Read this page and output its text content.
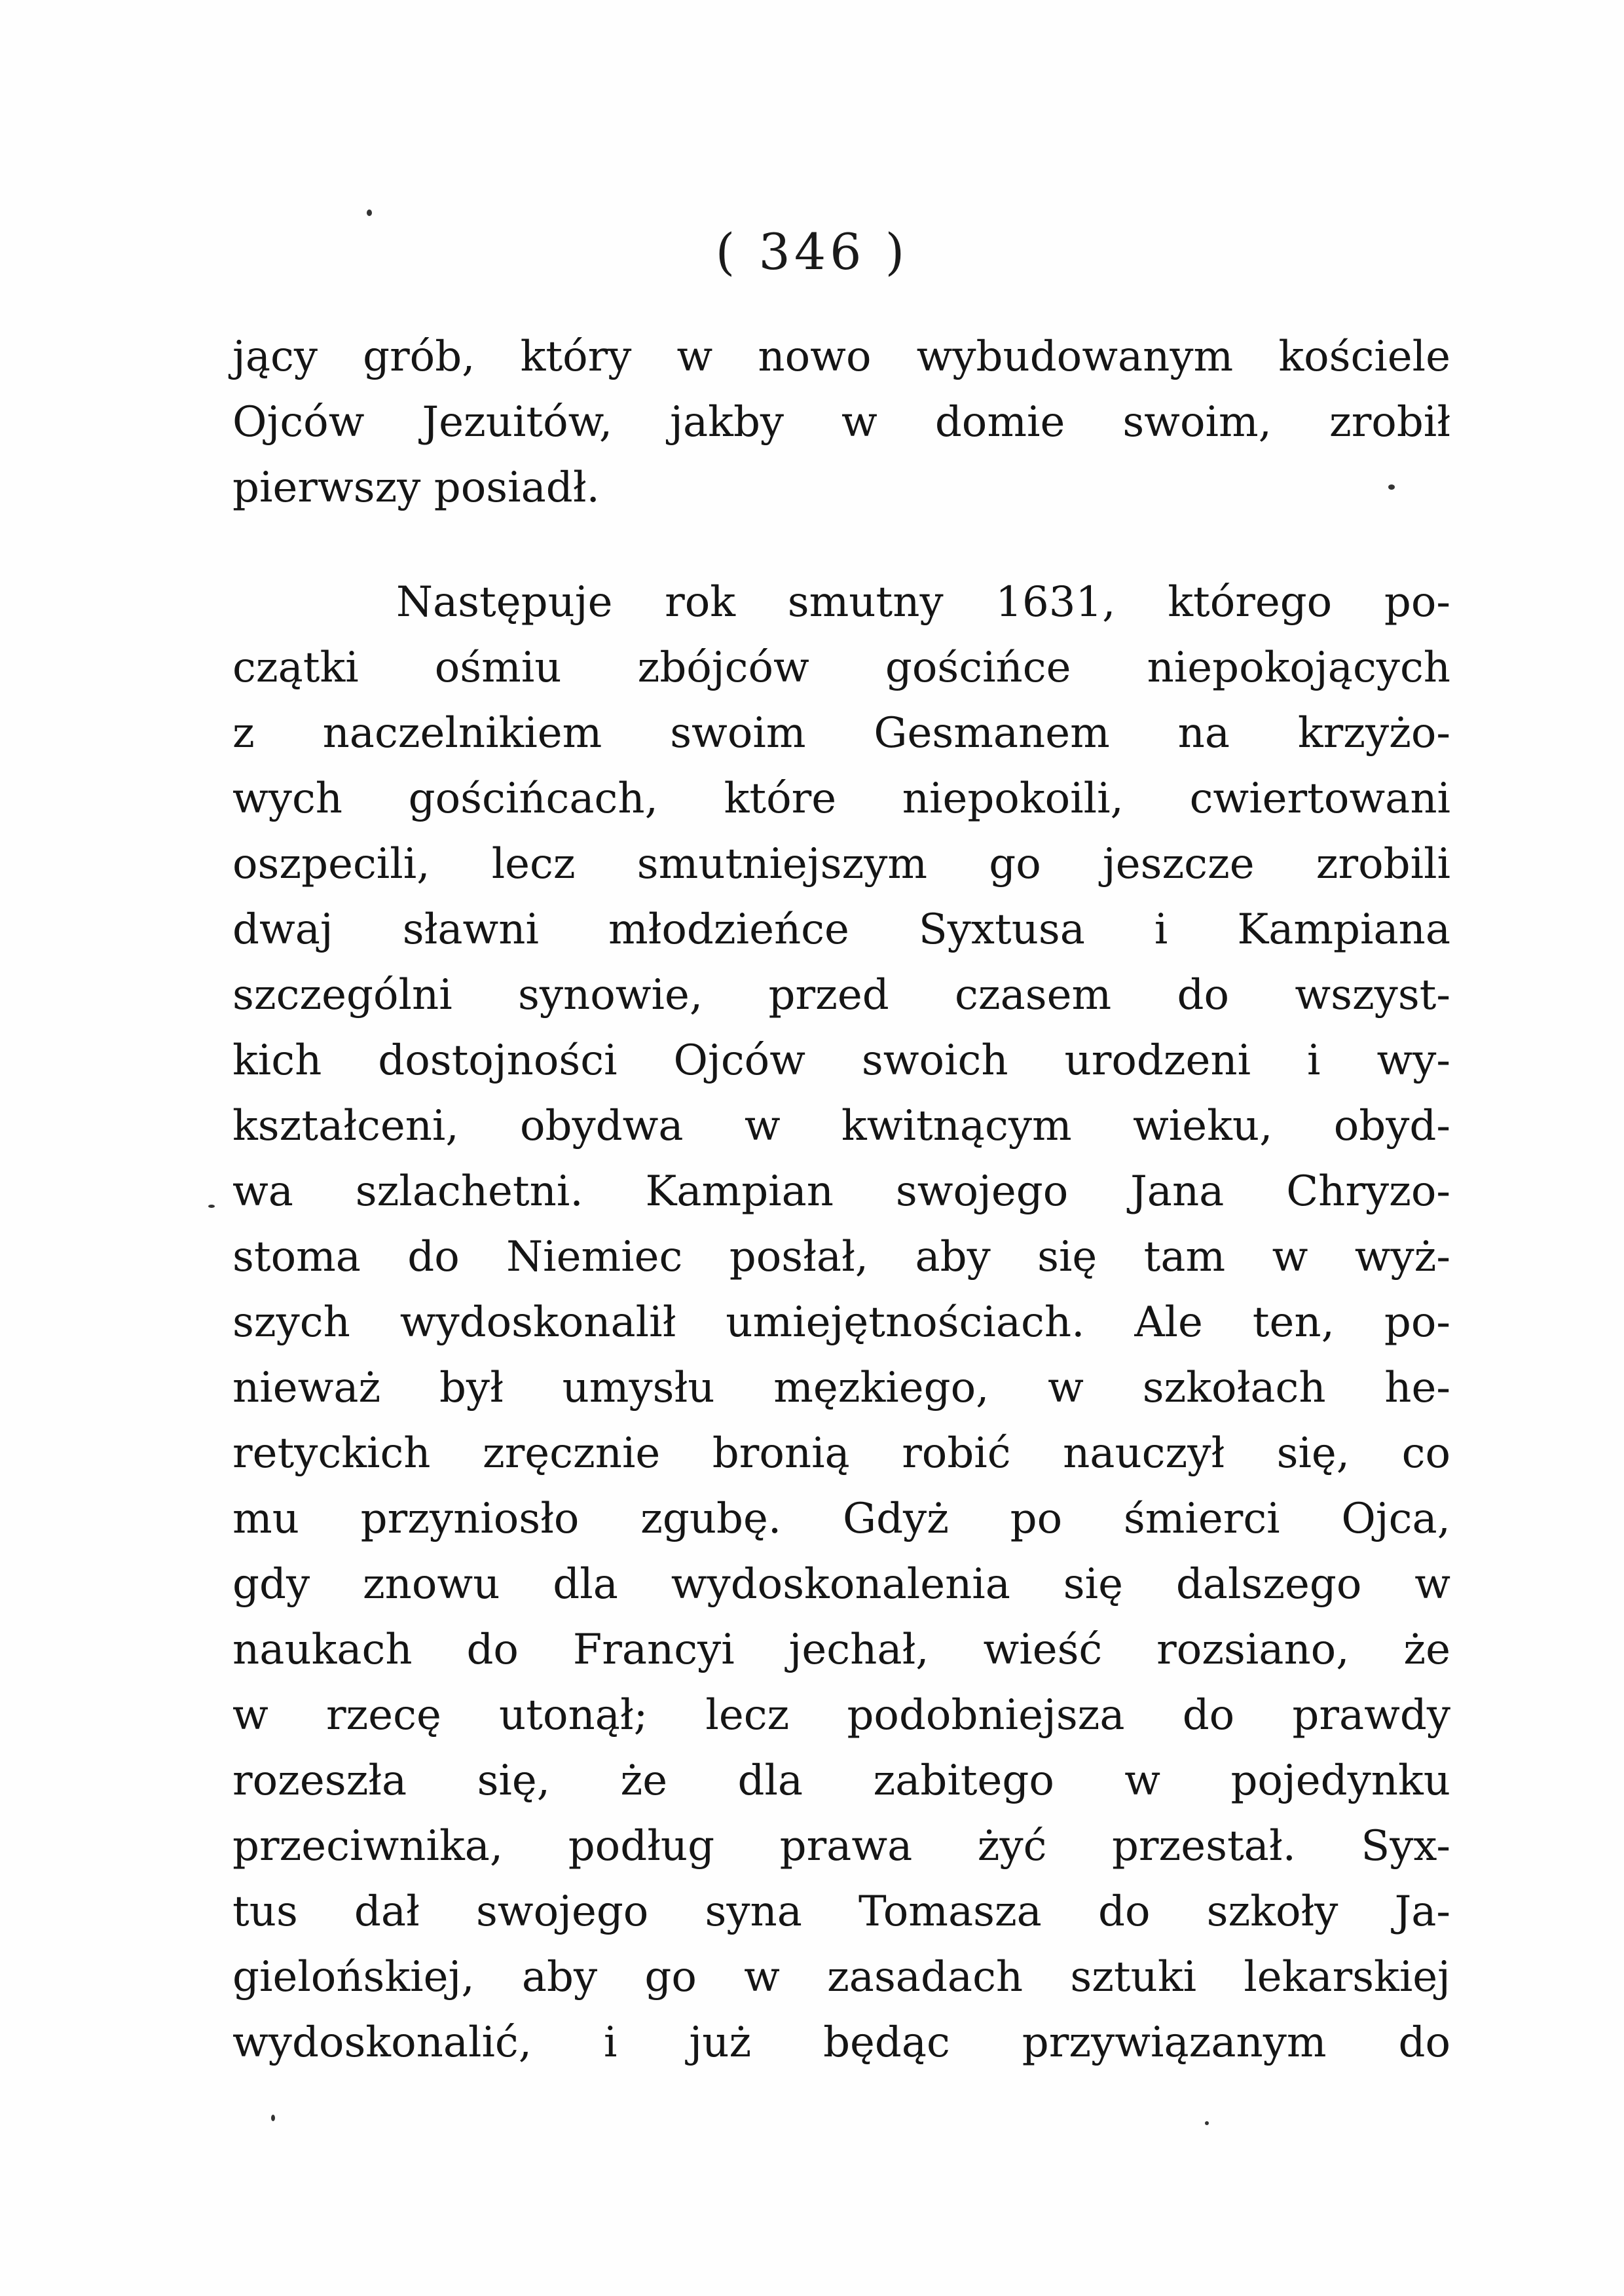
( 346 )
jący grób, który w nowo wybudowanym kościele
Ojców Jezuitów, jakby w domie swoim, zrobił
pierwszy posiadł.
Następuje rok smutny 1631, którego po-
czątki ośmiu zbójców gościńce niepokojących
z naczelnikiem swoim Gesmanem na krzyżo-
wych gościńcach, które niepokoili, cwiertowani
oszpecili, lecz smutniejszym go jeszcze zrobili
dwaj sławni młodzieńce Syxtusa i Kampiana
szczególni synowie, przed czasem do wszyst-
kich dostojności Ojców swoich urodzeni i wy-
kształceni, obydwa w kwitnącym wieku, obyd-
wa szlachetni. Kampian swojego Jana Chryzo-
stoma do Niemiec posłał, aby się tam w wyż-
szych wydoskonalił umiejętnościach. Ale ten, po-
nieważ był umysłu męzkiego, w szkołach he-
retyckich zręcznie bronią robić nauczył się, co
mu przyniosło zgubę. Gdyż po śmierci Ojca,
gdy znowu dla wydoskonalenia się dalszego w
naukach do Francyi jechał, wieść rozsiano, że
w rzecę utonął; lecz podobniejsza do prawdy
rozeszła się, że dla zabitego w pojedynku
przeciwnika, podług prawa żyć przestał. Syx-
tus dał swojego syna Tomasza do szkoły Ja-
gielońskiej, aby go w zasadach sztuki lekarskiej
wydoskonalić, i już będąc przywiązanym do
